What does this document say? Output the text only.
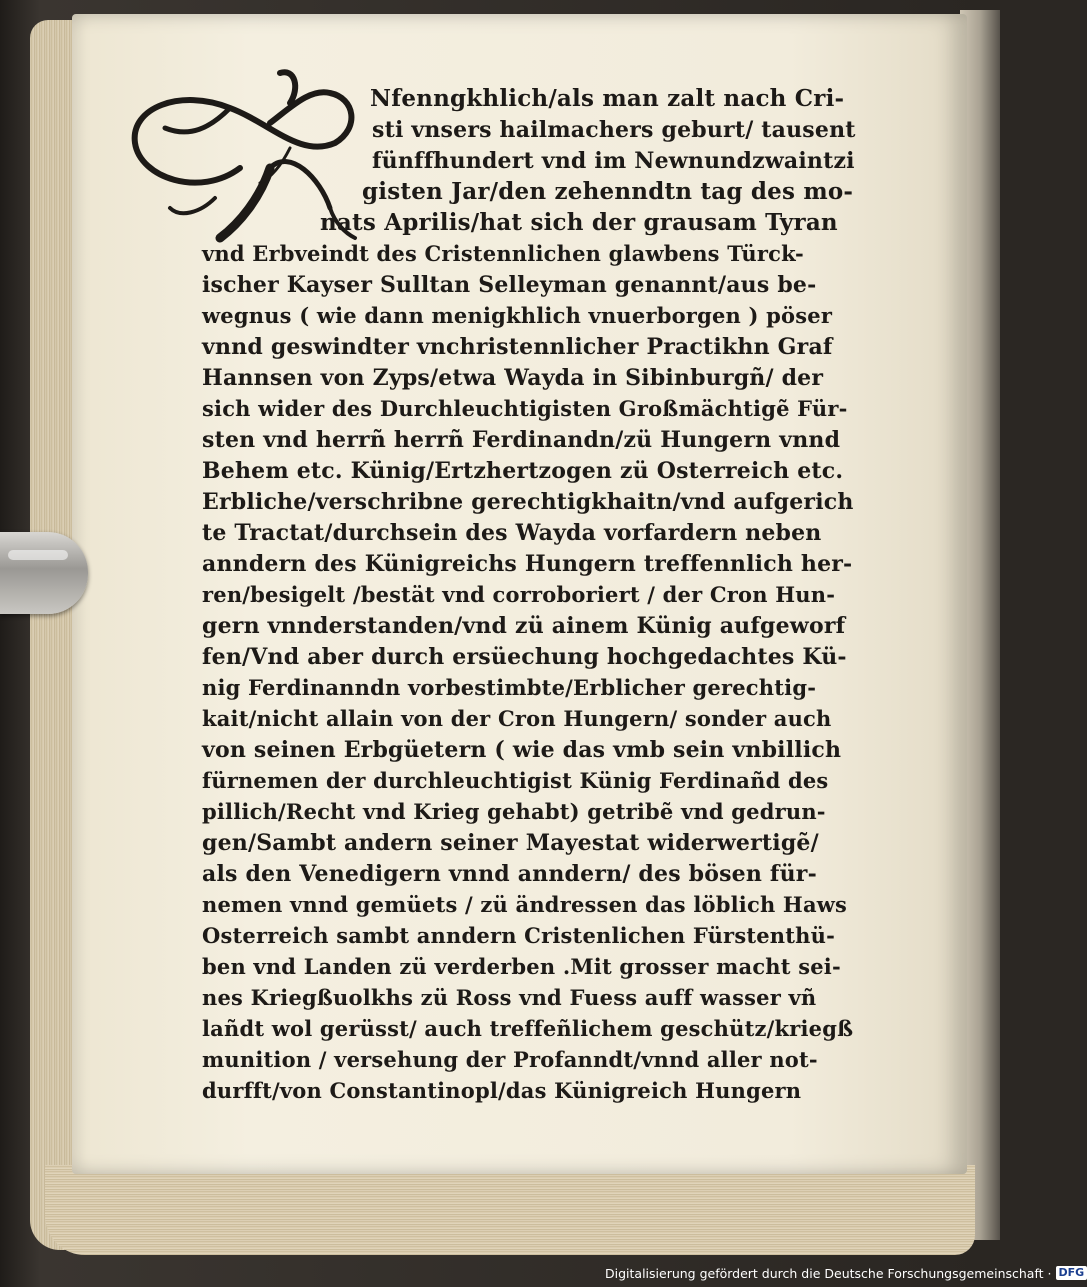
Nfenngkhlich/als man zalt nach Cri-

sti vnsers hailmachers geburt/ tausent

fünffhundert vnd im Newnundzwaintzi

gisten Jar/den zehenndtn tag des mo-

nats Aprilis/hat sich der grausam Tyran

vnd Erbveindt des Cristennlichen glawbens Türck-

ischer Kayser Sulltan Selleyman genannt/aus be-

wegnus ( wie dann menigkhlich vnuerborgen ) pöser

vnnd geswindter vnchristennlicher Practikhn Graf

Hannsen von Zyps/etwa Wayda in Sibinburgñ/ der

sich wider des Durchleuchtigisten Großmächtigẽ Für-

sten vnd herrñ herrñ Ferdinandn/zü Hungern vnnd

Behem etc. Künig/Ertzhertzogen zü Osterreich etc.

Erbliche/verschribne gerechtigkhaitn/vnd aufgerich

te Tractat/durchsein des Wayda vorfardern neben

anndern des Künigreichs Hungern treffennlich her-

ren/besigelt /bestät vnd corroboriert / der Cron Hun-

gern vnnderstanden/vnd zü ainem Künig aufgeworf

fen/Vnd aber durch ersüechung hochgedachtes Kü-

nig Ferdinanndn vorbestimbte/Erblicher gerechtig-

kait/nicht allain von der Cron Hungern/ sonder auch

von seinen Erbgüetern ( wie das vmb sein vnbillich

fürnemen der durchleuchtigist Künig Ferdinañd des

pillich/Recht vnd Krieg gehabt) getribẽ vnd gedrun-

gen/Sambt andern seiner Mayestat widerwertigẽ/

als den Venedigern vnnd anndern/ des bösen für-

nemen vnnd gemüets / zü ändressen das löblich Haws

Osterreich sambt anndern Cristenlichen Fürstenthü-

ben vnd Landen zü verderben .Mit grosser macht sei-

nes Kriegßuolkhs zü Ross vnd Fuess auff wasser vñ

lañdt wol gerüsst/ auch treffeñlichem geschütz/kriegß

munition / versehung der Profanndt/vnnd aller not-

durfft/von Constantinopl/das Künigreich Hungern

Digitalisierung gefördert durch die Deutsche Forschungsgemeinschaft · DFG
